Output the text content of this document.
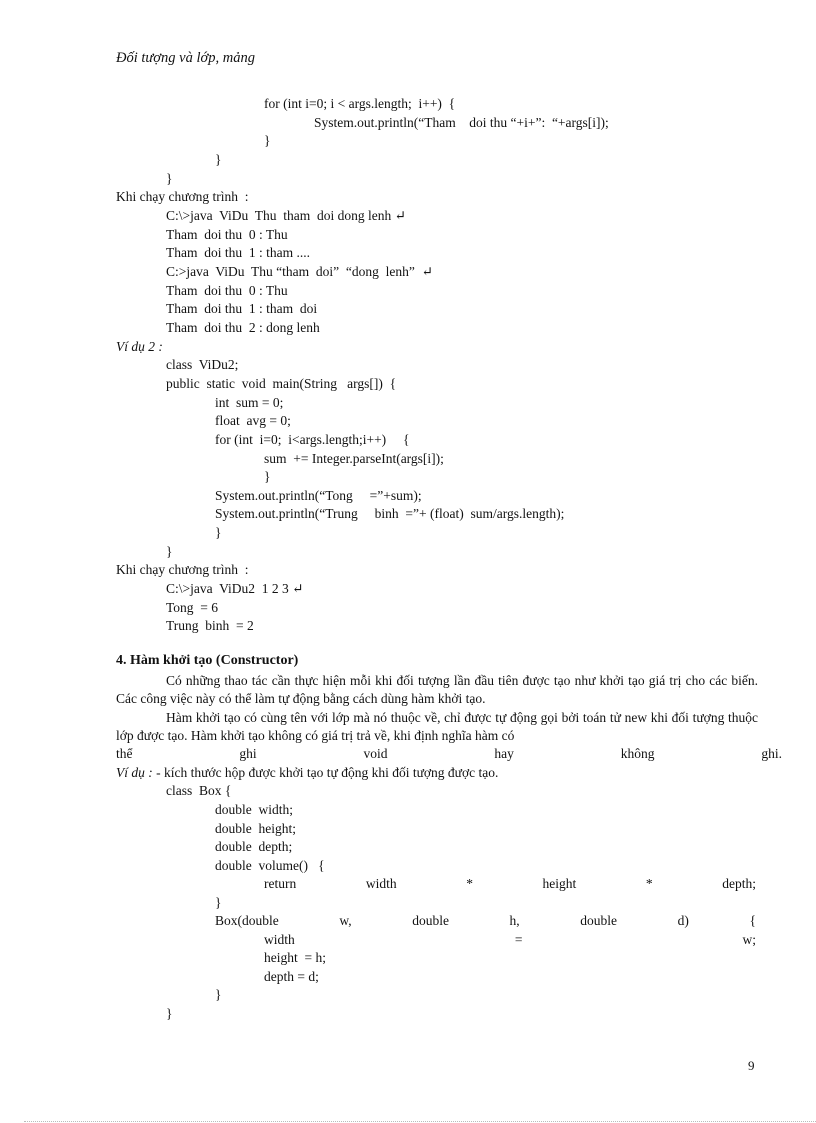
Đối tượng và lớp, mảng
for (int i=0; i < args.length;  i++)  {
System.out.println(“Tham    doi thu “+i+”:  “+args[i]);
}
}
}
Khi chạy chương trình  :
C:\>java  ViDu  Thu  tham  doi dong lenh ↵
Tham  doi thu  0 : Thu
Tham  doi thu  1 : tham ....
C:>java  ViDu  Thu “tham  doi”  “dong  lenh”  ↵
Tham  doi thu  0 : Thu
Tham  doi thu  1 : tham  doi
Tham  doi thu  2 : dong lenh
Ví dụ 2 :
class  ViDu2;
public  static  void  main(String   args[])  {
int  sum = 0;
float  avg = 0;
for (int  i=0;  i<args.length;i++)     {
sum  += Integer.parseInt(args[i]);
}
System.out.println(“Tong     =”+sum);
System.out.println(“Trung     binh  =”+ (float)  sum/args.length);
}
}
Khi chạy chương trình  :
C:\>java  ViDu2  1 2 3 ↵
Tong  = 6
Trung  binh  = 2
4. Hàm khởi tạo (Constructor)
Có những thao tác cần thực hiện mỗi khi đối tượng lần đầu tiên được tạo như khởi tạo giá trị cho các biến. Các công việc này có thể làm tự động bằng cách dùng hàm khởi tạo.
Hàm khởi tạo có cùng tên với lớp mà nó thuộc về, chỉ được tự động gọi bởi toán tử new khi đối tượng thuộc lớp được tạo. Hàm khởi tạo không có giá trị trả về, khi định nghĩa hàm có
thể	ghi	void	hay	không	ghi.
Ví dụ : - kích thước hộp được khởi tạo tự động khi đối tượng được tạo.
class  Box {
double  width;
double  height;
double  depth;
double  volume()   {
return	width	*	height	*	depth;
}
Box(double	w,	double	h,	double	d)	{
width	=	w;
height  = h;
depth = d;
}
}
9
